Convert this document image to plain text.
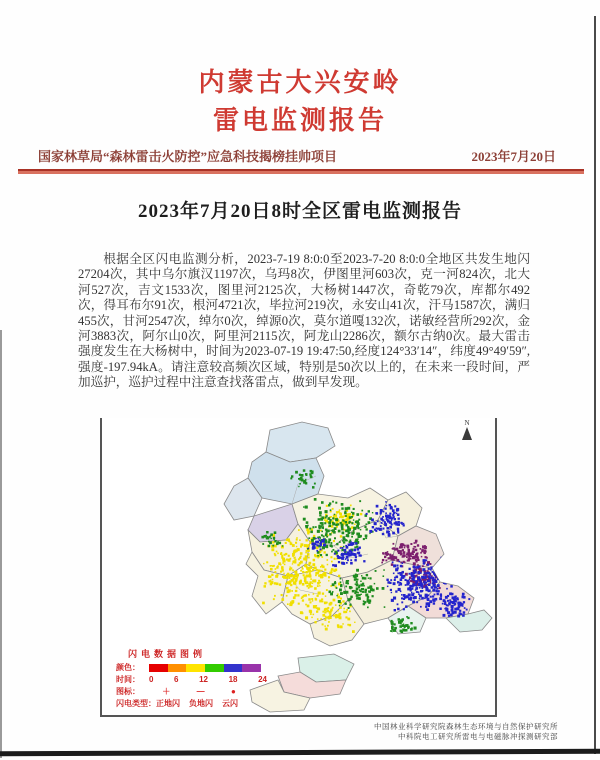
内蒙古大兴安岭
雷电监测报告
国家林草局“森林雷击火防控”应急科技揭榜挂帅项目	2023年7月20日
2023年7月20日8时全区雷电监测报告

根据全区闪电监测分析，2023-7-19 8:0:0至2023-7-20 8:0:0全地区共发生地闪27204次，其中乌尔旗汉1197次，乌玛8次，伊图里河603次，克一河824次，北大河527次，吉文1533次，图里河2125次，大杨树1447次，奇乾79次，库都尔492次，得耳布尔91次，根河4721次，毕拉河219次，永安山41次，汗马1587次，满归455次，甘河2547次，绰尔0次，绰源0次，莫尔道嘎132次，诺敏经营所292次，金河3883次，阿尔山0次，阿里河2115次，阿龙山2286次，额尔古纳0次。最大雷击强度发生在大杨树中，时间为2023-07-19 19:47:50,经度124°33′14″，纬度49°49′59″,强度-197.94kA。请注意较高频次区域，特别是50次以上的，在未来一段时间，严加巡护，巡护过程中注意查找落雷点，做到早发现。

N
闪电数据图例
颜色：
时间：	0	6	12	18	24
图标：	＋	—	●
闪电类型： 正地闪 负地闪 云闪
中国林业科学研究院森林生态环境与自然保护研究所
中科院电工研究所雷电与电磁脉冲探测研究部
